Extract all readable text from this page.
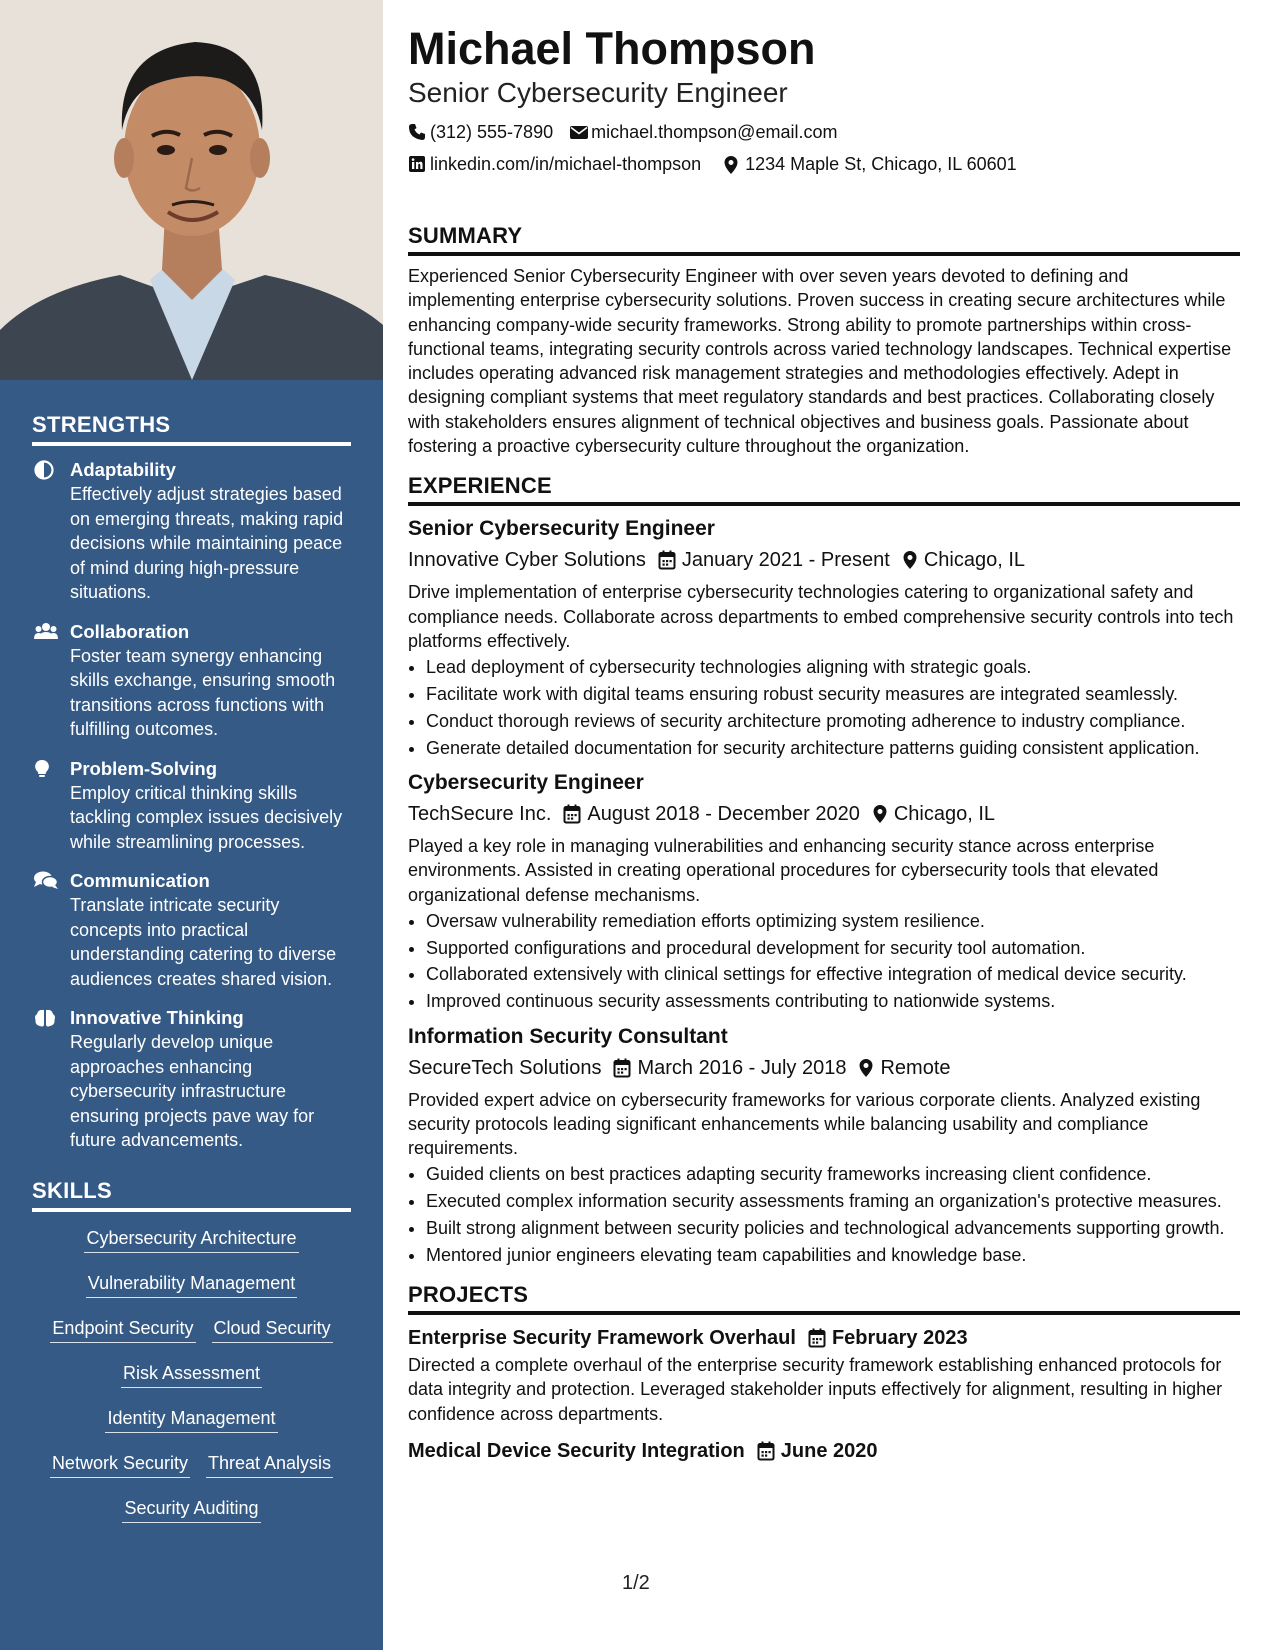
STRENGTHS
Adaptability
Effectively adjust strategies based on emerging threats, making rapid decisions while maintaining peace of mind during high-pressure situations.
Collaboration
Foster team synergy enhancing skills exchange, ensuring smooth transitions across functions with fulfilling outcomes.
Problem-Solving
Employ critical thinking skills tackling complex issues decisively while streamlining processes.
Communication
Translate intricate security concepts into practical understanding catering to diverse audiences creates shared vision.
Innovative Thinking
Regularly develop unique approaches enhancing cybersecurity infrastructure ensuring projects pave way for future advancements.
SKILLS
Cybersecurity Architecture
Vulnerability Management
Endpoint Security Cloud Security
Risk Assessment
Identity Management
Network Security Threat Analysis
Security Auditing
Michael Thompson
Senior Cybersecurity Engineer
(312) 555-7890 michael.thompson@email.com
linkedin.com/in/michael-thompson 1234 Maple St, Chicago, IL 60601
SUMMARY

Experienced Senior Cybersecurity Engineer with over seven years devoted to defining and implementing enterprise cybersecurity solutions. Proven success in creating secure architectures while enhancing company-wide security frameworks. Strong ability to promote partnerships within cross-functional teams, integrating security controls across varied technology landscapes. Technical expertise includes operating advanced risk management strategies and methodologies effectively. Adept in designing compliant systems that meet regulatory standards and best practices. Collaborating closely with stakeholders ensures alignment of technical objectives and business goals. Passionate about fostering a proactive cybersecurity culture throughout the organization.

EXPERIENCE
Senior Cybersecurity Engineer
Innovative Cyber Solutions January 2021 - Present Chicago, IL

Drive implementation of enterprise cybersecurity technologies catering to organizational safety and compliance needs. Collaborate across departments to embed comprehensive security controls into tech platforms effectively.

• Lead deployment of cybersecurity technologies aligning with strategic goals.
• Facilitate work with digital teams ensuring robust security measures are integrated seamlessly.
• Conduct thorough reviews of security architecture promoting adherence to industry compliance.
• Generate detailed documentation for security architecture patterns guiding consistent application.
Cybersecurity Engineer
TechSecure Inc. August 2018 - December 2020 Chicago, IL

Played a key role in managing vulnerabilities and enhancing security stance across enterprise environments. Assisted in creating operational procedures for cybersecurity tools that elevated organizational defense mechanisms.

• Oversaw vulnerability remediation efforts optimizing system resilience.
• Supported configurations and procedural development for security tool automation.
• Collaborated extensively with clinical settings for effective integration of medical device security.
• Improved continuous security assessments contributing to nationwide systems.
Information Security Consultant
SecureTech Solutions March 2016 - July 2018 Remote

Provided expert advice on cybersecurity frameworks for various corporate clients. Analyzed existing security protocols leading significant enhancements while balancing usability and compliance requirements.

• Guided clients on best practices adapting security frameworks increasing client confidence.
• Executed complex information security assessments framing an organization's protective measures.
• Built strong alignment between security policies and technological advancements supporting growth.
• Mentored junior engineers elevating team capabilities and knowledge base.
PROJECTS
Enterprise Security Framework Overhaul February 2023

Directed a complete overhaul of the enterprise security framework establishing enhanced protocols for data integrity and protection. Leveraged stakeholder inputs effectively for alignment, resulting in higher confidence across departments.

Medical Device Security Integration June 2020
1/2
